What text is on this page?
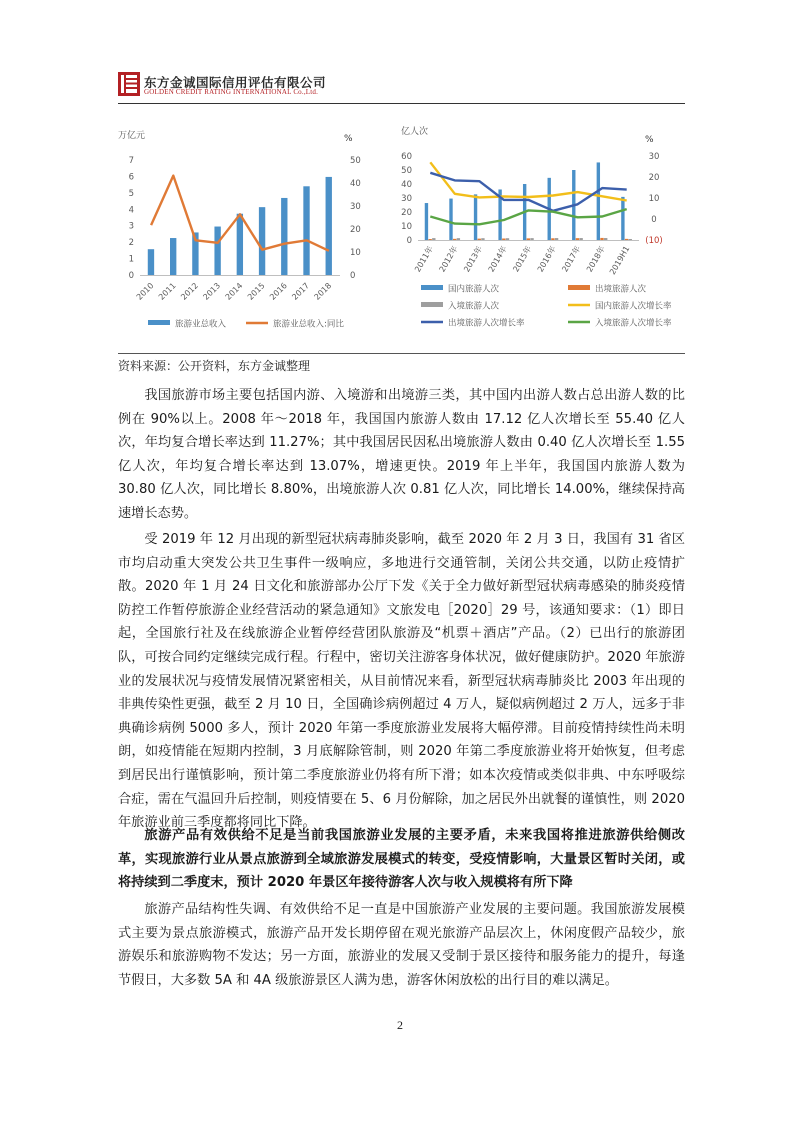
东方金诚国际信用评估有限公司
GOLDEN CREDIT RATING INTERNATIONAL Co.,Ltd.
万亿元	%
0
1
2
3
4
5
6
7
0
10
20
30
40
50
2010 2011 2012 2013 2014 2015 2016 2017 2018
旅游业总收入	旅游业总收入:同比
亿人次
%
0
10
20
30
40
50
60
(10)
0
10
20
30
2011年 2012年 2013年 2014年 2015年 2016年 2017年 2018年 2019H1
国内旅游人次	出境旅游人次
入境旅游人次	国内旅游人次增长率
出境旅游人次增长率	入境旅游人次增长率
资料来源：公开资料，东方金诚整理

我国旅游市场主要包括国内游、入境游和出境游三类，其中国内出游人数占总出游人数的比例在 90%以上。2008 年～2018 年，我国国内旅游人数由 17.12 亿人次增长至 55.40 亿人次，年均复合增长率达到 11.27%；其中我国居民因私出境旅游人数由 0.40 亿人次增长至 1.55 亿人次，年均复合增长率达到 13.07%，增速更快。2019 年上半年，我国国内旅游人数为 30.80 亿人次，同比增长 8.80%，出境旅游人次 0.81 亿人次，同比增长 14.00%，继续保持高速增长态势。

受 2019 年 12 月出现的新型冠状病毒肺炎影响，截至 2020 年 2 月 3 日，我国有 31 省区市均启动重大突发公共卫生事件一级响应，多地进行交通管制，关闭公共交通，以防止疫情扩散。2020 年 1 月 24 日文化和旅游部办公厅下发《关于全力做好新型冠状病毒感染的肺炎疫情防控工作暂停旅游企业经营活动的紧急通知》文旅发电［2020］29 号，该通知要求：（1）即日起，全国旅行社及在线旅游企业暂停经营团队旅游及“机票＋酒店”产品。（2）已出行的旅游团队，可按合同约定继续完成行程。行程中，密切关注游客身体状况，做好健康防护。2020 年旅游业的发展状况与疫情发展情况紧密相关，从目前情况来看，新型冠状病毒肺炎比 2003 年出现的非典传染性更强，截至 2 月 10 日，全国确诊病例超过 4 万人，疑似病例超过 2 万人，远多于非典确诊病例 5000 多人，预计 2020 年第一季度旅游业发展将大幅停滞。目前疫情持续性尚未明朗，如疫情能在短期内控制，3 月底解除管制，则 2020 年第二季度旅游业将开始恢复，但考虑到居民出行谨慎影响，预计第二季度旅游业仍将有所下滑；如本次疫情或类似非典、中东呼吸综合症，需在气温回升后控制，则疫情要在 5、6 月份解除，加之居民外出就餐的谨慎性，则 2020 年旅游业前三季度都将同比下降。

旅游产品有效供给不足是当前我国旅游业发展的主要矛盾，未来我国将推进旅游供给侧改革，实现旅游行业从景点旅游到全域旅游发展模式的转变，受疫情影响，大量景区暂时关闭，或将持续到二季度末，预计 2020 年景区年接待游客人次与收入规模将有所下降

旅游产品结构性失调、有效供给不足一直是中国旅游产业发展的主要问题。我国旅游发展模式主要为景点旅游模式，旅游产品开发长期停留在观光旅游产品层次上，休闲度假产品较少，旅游娱乐和旅游购物不发达；另一方面，旅游业的发展又受制于景区接待和服务能力的提升，每逢节假日，大多数 5A 和 4A 级旅游景区人满为患，游客休闲放松的出行目的难以满足。

2
